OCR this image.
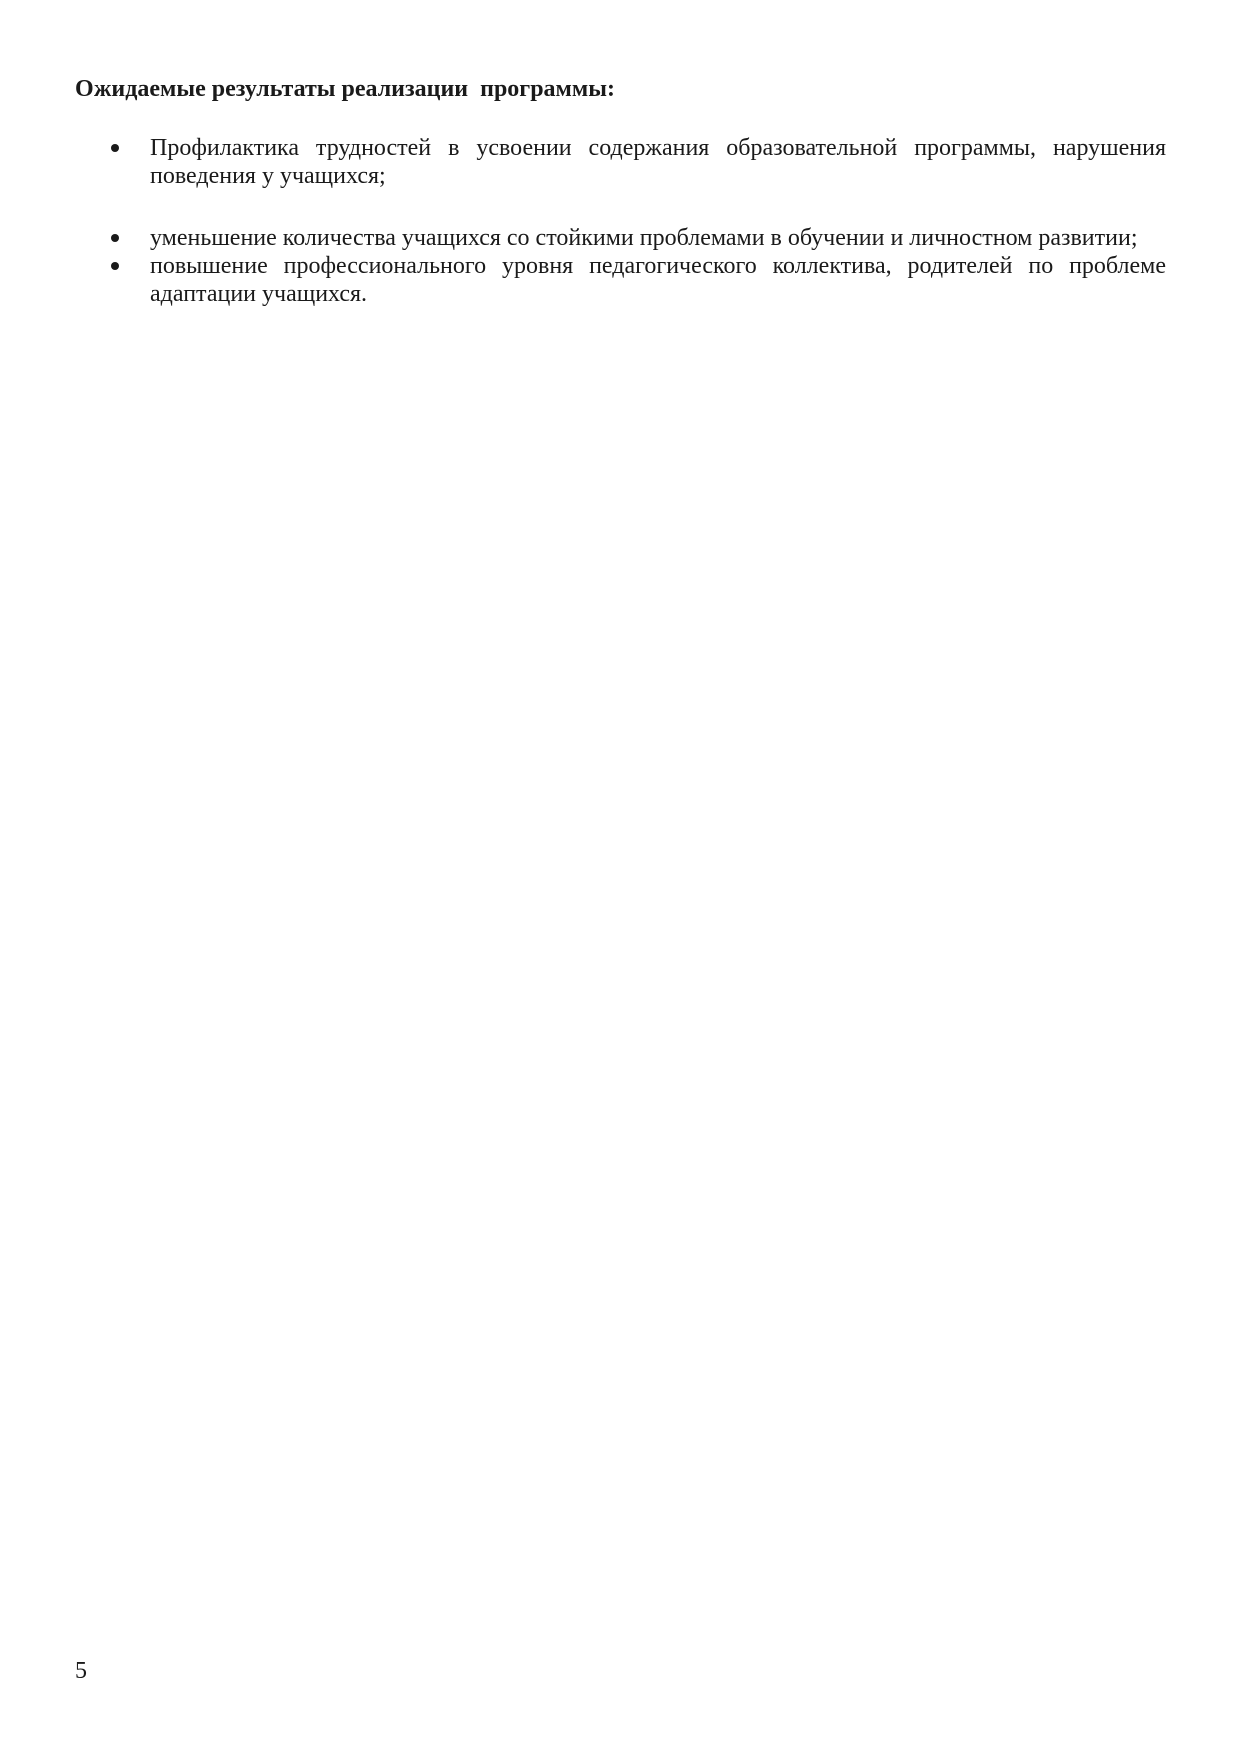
Ожидаемые результаты реализации  программы:
Профилактика трудностей в усвоении содержания образовательной программы, нарушения поведения у учащихся;
уменьшение количества учащихся со стойкими проблемами в обучении и личностном развитии;
повышение профессионального уровня педагогического коллектива, родителей по проблеме адаптации учащихся.
5
